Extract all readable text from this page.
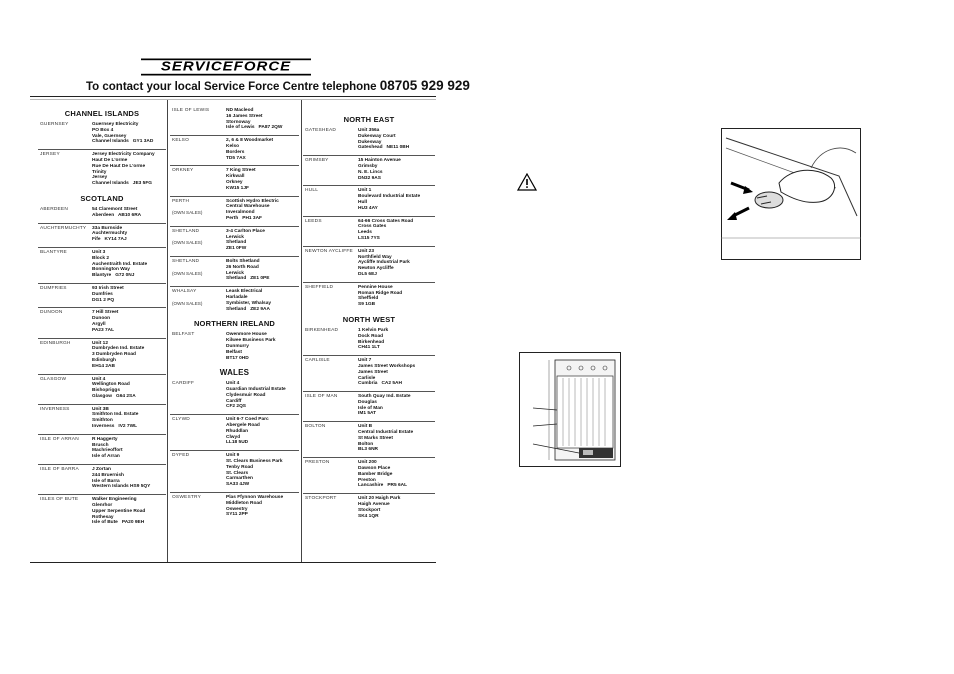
SERVICEFORCE
To contact your local Service Force Centre telephone 08705 929 929
CHANNEL ISLANDS
GUERNSEY	Guernsey Electricity
PO Box 4
Vale, Guernsey
Channel Islands   GY1 3AD
JERSEY	Jersey Electricity Company
Haut De L'orme
Rue De Haut De L'orme
Trinity
Jersey
Channel Islands   JE3 5FG
SCOTLAND
ABERDEEN	54 Claremont Street
Aberdeen   AB10 6RA
AUCHTERMUCHTY 33a Burnside
Auchtermuchty
Fife   KY14 7AJ
BLANTYRE	Unit 3
Block 2
Auchentraith Ind. Estate
Bonnington Way
Blantyre   G72 0NJ
DUMFRIES	93 Irish Street
Dumfries
DG1 2 PQ
DUNOON	7 Hill Street
Dunoon
Argyll
PA23 7AL
EDINBURGH	Unit 12
Dumbryden Ind. Estate
3 Dumbryden Road
Edinburgh
EH14 2AB
GLASGOW	Unit 4
Wellington Road
Bishopriggs
Glasgow   G64 2SA
INVERNESS	Unit 3B
Smithton Ind. Estate
Smithton
Inverness   IV2 7WL
ISLE OF ARRAN	R Haggerty
Brusch
Machrieoffort
Isle of Arran
ISLE OF BARRA	J Zortan
244 Bruernish
Isle of Barra
Western Islands HS9 5QY
ISLES OF BUTE	Walker Engineering
Glenrhor
Upper Serpentine Road
Rothesay
Isle of Bute   PA20 9EH
ISLE OF LEWIS	ND Macleod
16 James Street
Stornoway
Isle of Lewis   PA87 2QW
KELSO	2, 6 & 8 Woodmarket
Kelso
Borders
TD5 7AX
ORKNEY	7 King Street
Kirkwall
Orkney
KW15 1JF
PERTH	Scottish Hydro Electric
Central Warehouse
Inveralmond
Perth   PH1 3AF
(OWN SALES)
SHETLAND	3-4 Carlton Place
Lerwick
Shetland
ZE1 0FW
(OWN SALES)
SHETLAND	Bolts Shetland
26 North Road
Lerwick
Shetland   ZE1 0PE
(OWN SALES)
WHALSAY	Leask Electrical
Harladale
Symbister, Whalsay
Shetland   ZE2 9AA
(OWN SALES)
NORTHERN IRELAND
BELFAST	Owenmore House
Kilwee Business Park
Dunmurry
Belfast
BT17 0HD
WALES
CARDIFF	Unit 4
Guardian Industrial Estate
Clydesmuir Road
Cardiff
CF2 2QS
CLYWD	Unit 6-7 Coed Parc
Abergele Road
Rhuddlan
Clwyd
LL18 5UD
DYFED	Unit 9
St. Clears Business Park
Tenby Road
St. Clears
Carmarthen
SA33 4JW
OSWESTRY	Plas Ffynnon Warehouse
Middleton Road
Oswestry
SY11 2PP
NORTH EAST
GATESHEAD	Unit 356a
Dukesway Court
Dukesway
Gateshead   NE11 0BH
GRIMSBY	15 Hainton Avenue
Grimsby
N. E. Lincs
DN32 9AS
HULL	Unit 1
Boulevard Industrial Estate
Hull
HU3 4AY
LEEDS	64-66 Cross Gates Road
Cross Gates
Leeds
LS15 7YS
NEWTON AYCLIFFE Unit 23
Northfield Way
Aycliffe Industrial Park
Newton Aycliffe
DL5 6EJ
SHEFFIELD	Pennine House
Roman Ridge Road
Sheffield
S9 1GB
NORTH WEST
BIRKENHEAD	1 Kelvin Park
Dock Road
Birkenhead
CH41 1LT
CARLISLE	Unit 7
James Street Workshops
James Street
Carlisle
Cumbria   CA2 5AH
ISLE OF MAN	South Quay Ind. Estate
Douglas
Isle of Man
IM1 5AT
BOLTON	Unit B
Central Industrial Estate
St Marks Street
Bolton
BL3 6NR
PRESTON	Unit 200
Dawson Place
Bamber Bridge
Preston
Lancashire   PR5 6AL
STOCKPORT	Unit 20 Haigh Park
Haigh Avenue
Stockport
SK4 1QR
